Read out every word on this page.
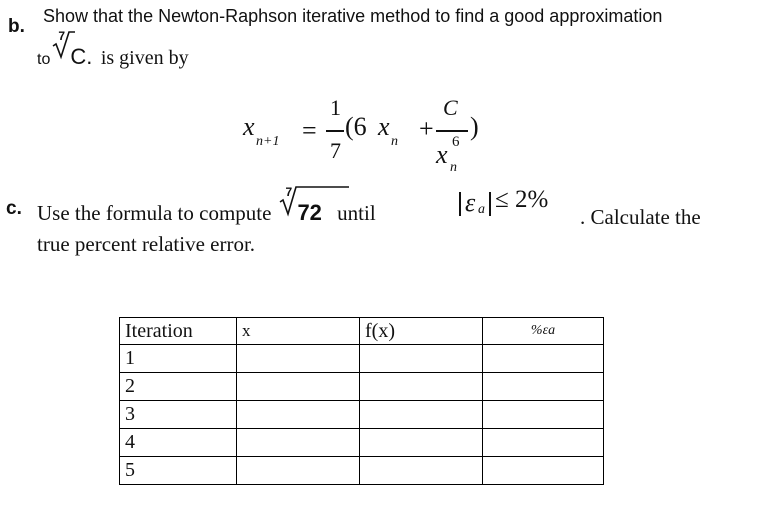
b. Show that the Newton-Raphson iterative method to find a good approximation
to
7
C. is given by
x
n+1 =
1
7
(6 x
n +
C
x 6
n
)
c. Use the formula to compute
7
72 until	ε a ≤ 2%
. Calculate the
true percent relative error.
Iteration	x	f(x)	%εa
1			
2			
3			
4			
5			
